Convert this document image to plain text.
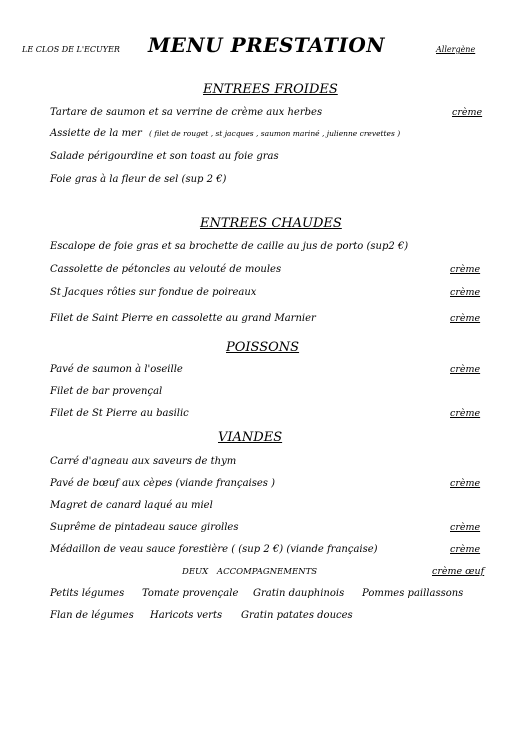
LE CLOS DE L'ECUYER MENU PRESTATION	Allergène
ENTREES FROIDES
Tartare de saumon et sa verrine de crème aux herbes	crème
Assiette de la mer ( filet de rouget , st jacques , saumon mariné , julienne crevettes )
Salade périgourdine et son toast au foie gras
Foie gras à la fleur de sel (sup 2 €)
ENTREES CHAUDES
Escalope de foie gras et sa brochette de caille au jus de porto (sup2 €)
Cassolette de pétoncles au velouté de moules	crème
St Jacques rôties sur fondue de poireaux	crème
Filet de Saint Pierre en cassolette au grand Marnier	crème
POISSONS
Pavé de saumon à l'oseille	crème
Filet de bar provençal
Filet de St Pierre au basilic	crème
VIANDES
Carré d'agneau aux saveurs de thym
Pavé de bœuf aux cèpes (viande françaises )	crème
Magret de canard laqué au miel
Suprême de pintadeau sauce girolles	crème
Médaillon de veau sauce forestière ( (sup 2 €) (viande française)	crème
DEUX ACCOMPAGNEMENTS	crème œuf
Petits légumes Tomate provençale Gratin dauphinois Pommes paillassons
Flan de légumes Haricots verts Gratin patates douces
